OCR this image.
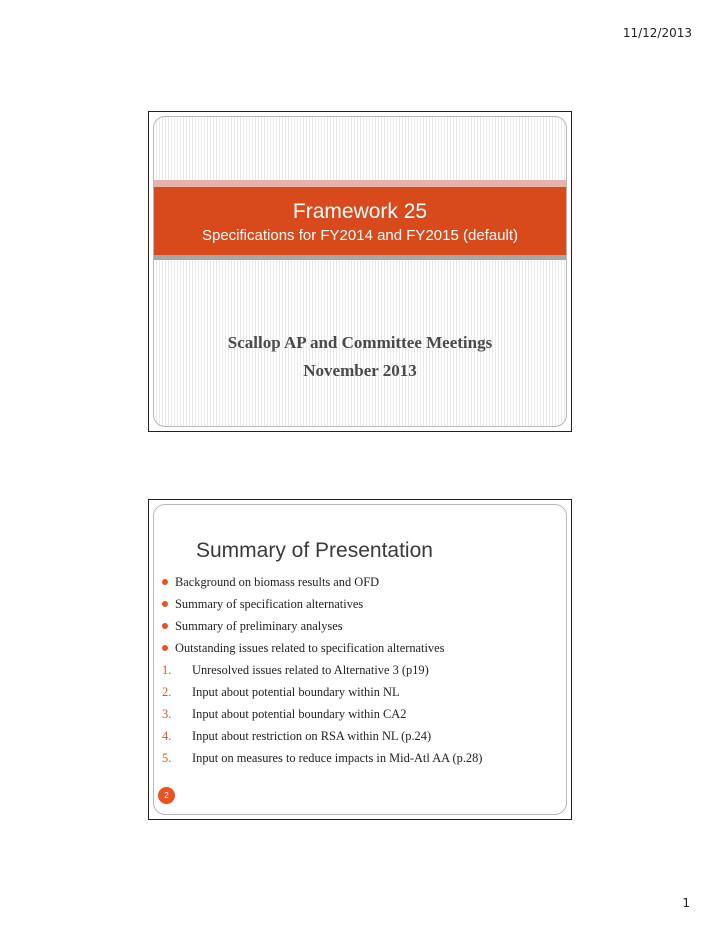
11/12/2013
Framework 25
Specifications for FY2014 and FY2015 (default)
Scallop AP and Committee Meetings
November 2013
Summary of Presentation
Background on biomass results and OFD
Summary of specification alternatives
Summary of preliminary analyses
Outstanding issues related to specification alternatives
1.	Unresolved issues related to Alternative 3 (p19)
2.	Input about potential boundary within NL
3.	Input about potential boundary within CA2
4.	Input about restriction on RSA within NL (p.24)
5.	Input on measures to reduce impacts in Mid-Atl AA (p.28)
2
1
